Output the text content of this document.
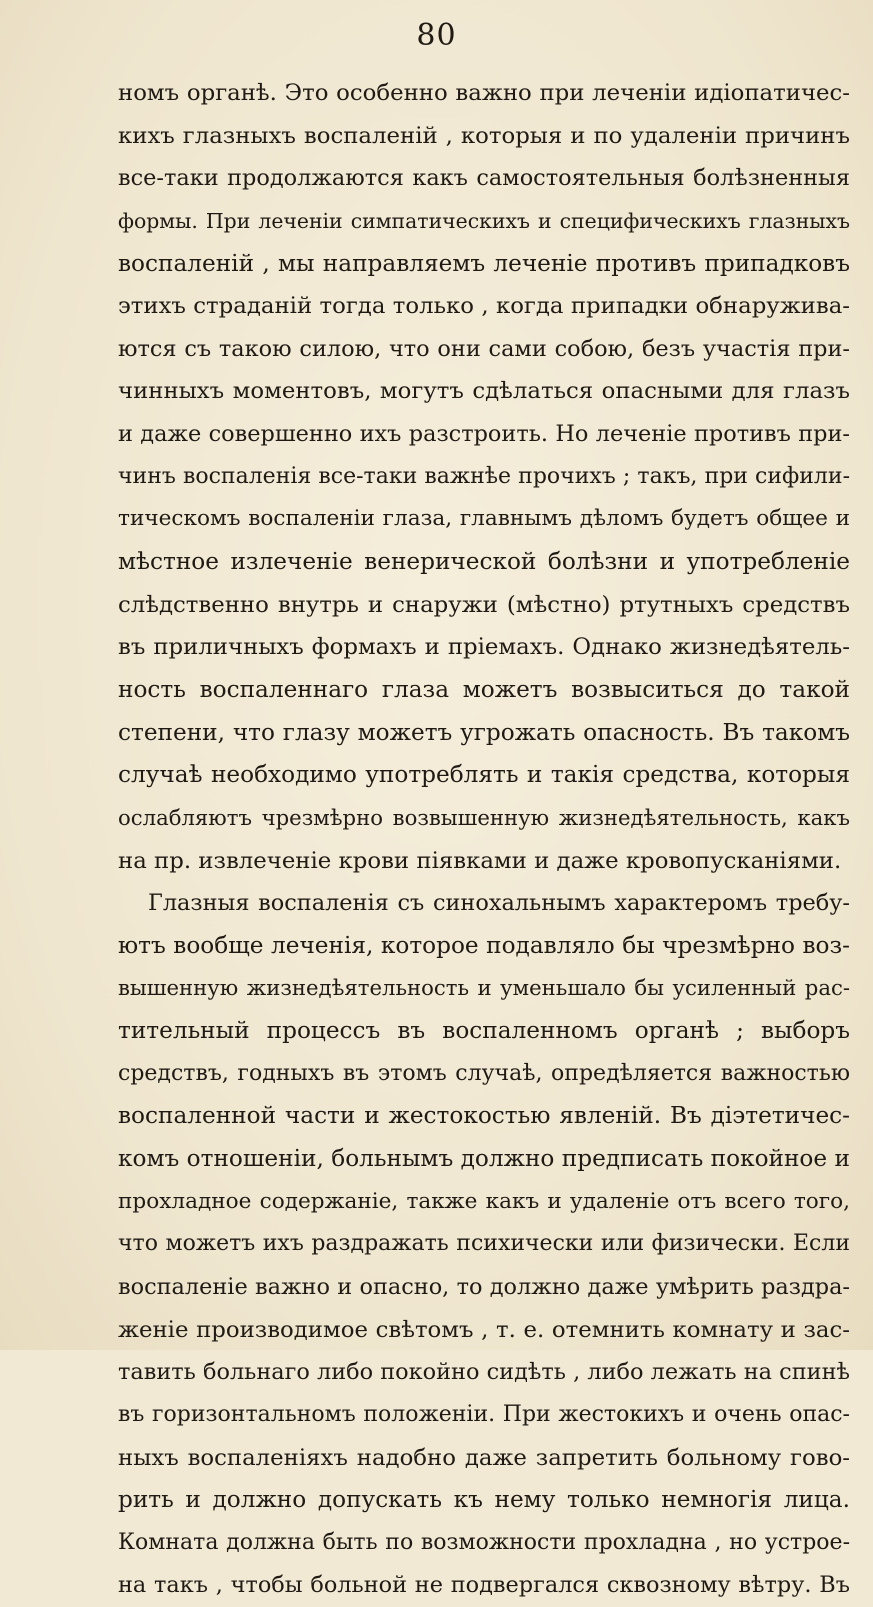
80
номъ органѣ. Это особенно важно при леченіи идіопатичес-
кихъ глазныхъ воспаленій , которыя и по удаленіи причинъ
все-таки продолжаются какъ самостоятельныя болѣзненныя
формы. При леченіи симпатическихъ и специфическихъ глазныхъ
воспаленій , мы направляемъ леченіе противъ припадковъ
этихъ страданій тогда только , когда припадки обнаружива-
ются съ такою силою, что они сами собою, безъ участія при-
чинныхъ моментовъ, могутъ сдѣлаться опасными для глазъ
и даже совершенно ихъ разстроить. Но леченіе противъ при-
чинъ воспаленія все-таки важнѣе прочихъ ; такъ, при сифили-
тическомъ воспаленіи глаза, главнымъ дѣломъ будетъ общее и
мѣстное излеченіе венерической болѣзни и употребленіе
слѣдственно внутрь и снаружи (мѣстно) ртутныхъ средствъ
въ приличныхъ формахъ и пріемахъ. Однако жизнедѣятель-
ность воспаленнаго глаза можетъ возвыситься до такой
степени, что глазу можетъ угрожать опасность. Въ такомъ
случаѣ необходимо употреблять и такія средства, которыя
ослабляютъ чрезмѣрно возвышенную жизнедѣятельность, какъ
на пр. извлеченіе крови піявками и даже кровопусканіями.
Глазныя воспаленія съ синохальнымъ характеромъ требу-
ютъ вообще леченія, которое подавляло бы чрезмѣрно воз-
вышенную жизнедѣятельность и уменьшало бы усиленный рас-
тительный процессъ въ воспаленномъ органѣ ; выборъ
средствъ, годныхъ въ этомъ случаѣ, опредѣляется важностью
воспаленной части и жестокостью явленій. Въ діэтетичес-
комъ отношеніи, больнымъ должно предписать покойное и
прохладное содержаніе, также какъ и удаленіе отъ всего того,
что можетъ ихъ раздражать психически или физически. Если
воспаленіе важно и опасно, то должно даже умѣрить раздра-
женіе производимое свѣтомъ , т. е. отемнить комнату и зас-
тавить больнаго либо покойно сидѣть , либо лежать на спинѣ
въ горизонтальномъ положеніи. При жестокихъ и очень опас-
ныхъ воспаленіяхъ надобно даже запретить больному гово-
рить и должно допускать къ нему только немногія лица.
Комната должна быть по возможности прохладна , но устрое-
на такъ , чтобы больной не подвергался сквозному вѣтру. Въ
